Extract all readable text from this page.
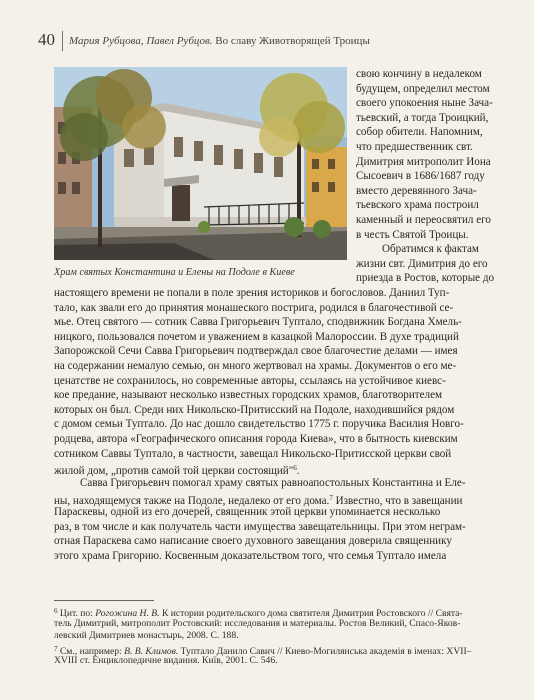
40 Мария Рубцова, Павел Рубцов. Во славу Животворящей Троицы
Храм святых Константина и Елены на Подоле в Киеве
свою кончину в недалеком
будущем, определил местом
своего упокоения ныне Зача-
тьевский, а тогда Троицкий,
собор обители. Напомним,
что предшественник свт.
Димитрия митрополит Иона
Сысоевич в 1686/1687 году
вместо деревянного Зача-
тьевского храма построил
каменный и переосвятил его
в честь Святой Троицы.
Обратимся к фактам
жизни свт. Димитрия до его
приезда в Ростов, которые до
настоящего времени не попали в поле зрения историков и богословов. Даниил Туп-
тало, как звали его до принятия монашеского пострига, родился в благочестивой се-
мье. Отец святого — сотник Савва Григорьевич Туптало, сподвижник Богдана Хмель-
ницкого, пользовался почетом и уважением в казацкой Малороссии. В духе традиций
Запорожской Сечи Савва Григорьевич подтверждал свое благочестие делами — имея
на содержании немалую семью, он много жертвовал на храмы. Документов о его ме-
ценатстве не сохранилось, но современные авторы, ссылаясь на устойчивое киевс-
кое предание, называют несколько известных городских храмов, благотворителем
которых он был. Среди них Никольско-Притисский на Подоле, находившийся рядом
с домом семьи Туптало. До нас дошло свидетельство 1775 г. поручика Василия Новго-
родцева, автора «Географического описания города Киева», что в бытность киевским
сотником Саввы Туптало, в частности, завещал Никольско-Притисской церкви свой
жилой дом, „против самой той церкви состоящий"$^6$.
Савва Григорьевич помогал храму святых равноапостольных Константина и Еле-
ны, находящемуся также на Подоле, недалеко от его дома.$^7$ Известно, что в завещании
Параскевы, одной из его дочерей, священник этой церкви упоминается несколько
раз, в том числе и как получатель части имущества завещательницы. При этом неграм-
отная Параскева само написание своего духовного завещания доверила священнику
этого храма Григорию. Косвенным доказательством того, что семья Туптало имела
$^6$ Цит. по: Рогожина Н. В. К истории родительского дома святителя Димитрия Ростовского // Свята-
тель Димитрий, митрополит Ростовский: исследования и материалы. Ростов Великий, Спасо-Яков-
левский Димитриев монастырь, 2008. С. 188.
$^7$ См., например: В. В. Климов. Туптало Данило Савич // Киево-Могилянська академія в іменах: XVII–
XVIII ст. Енциклопедичне видання. Київ, 2001. С. 546.
